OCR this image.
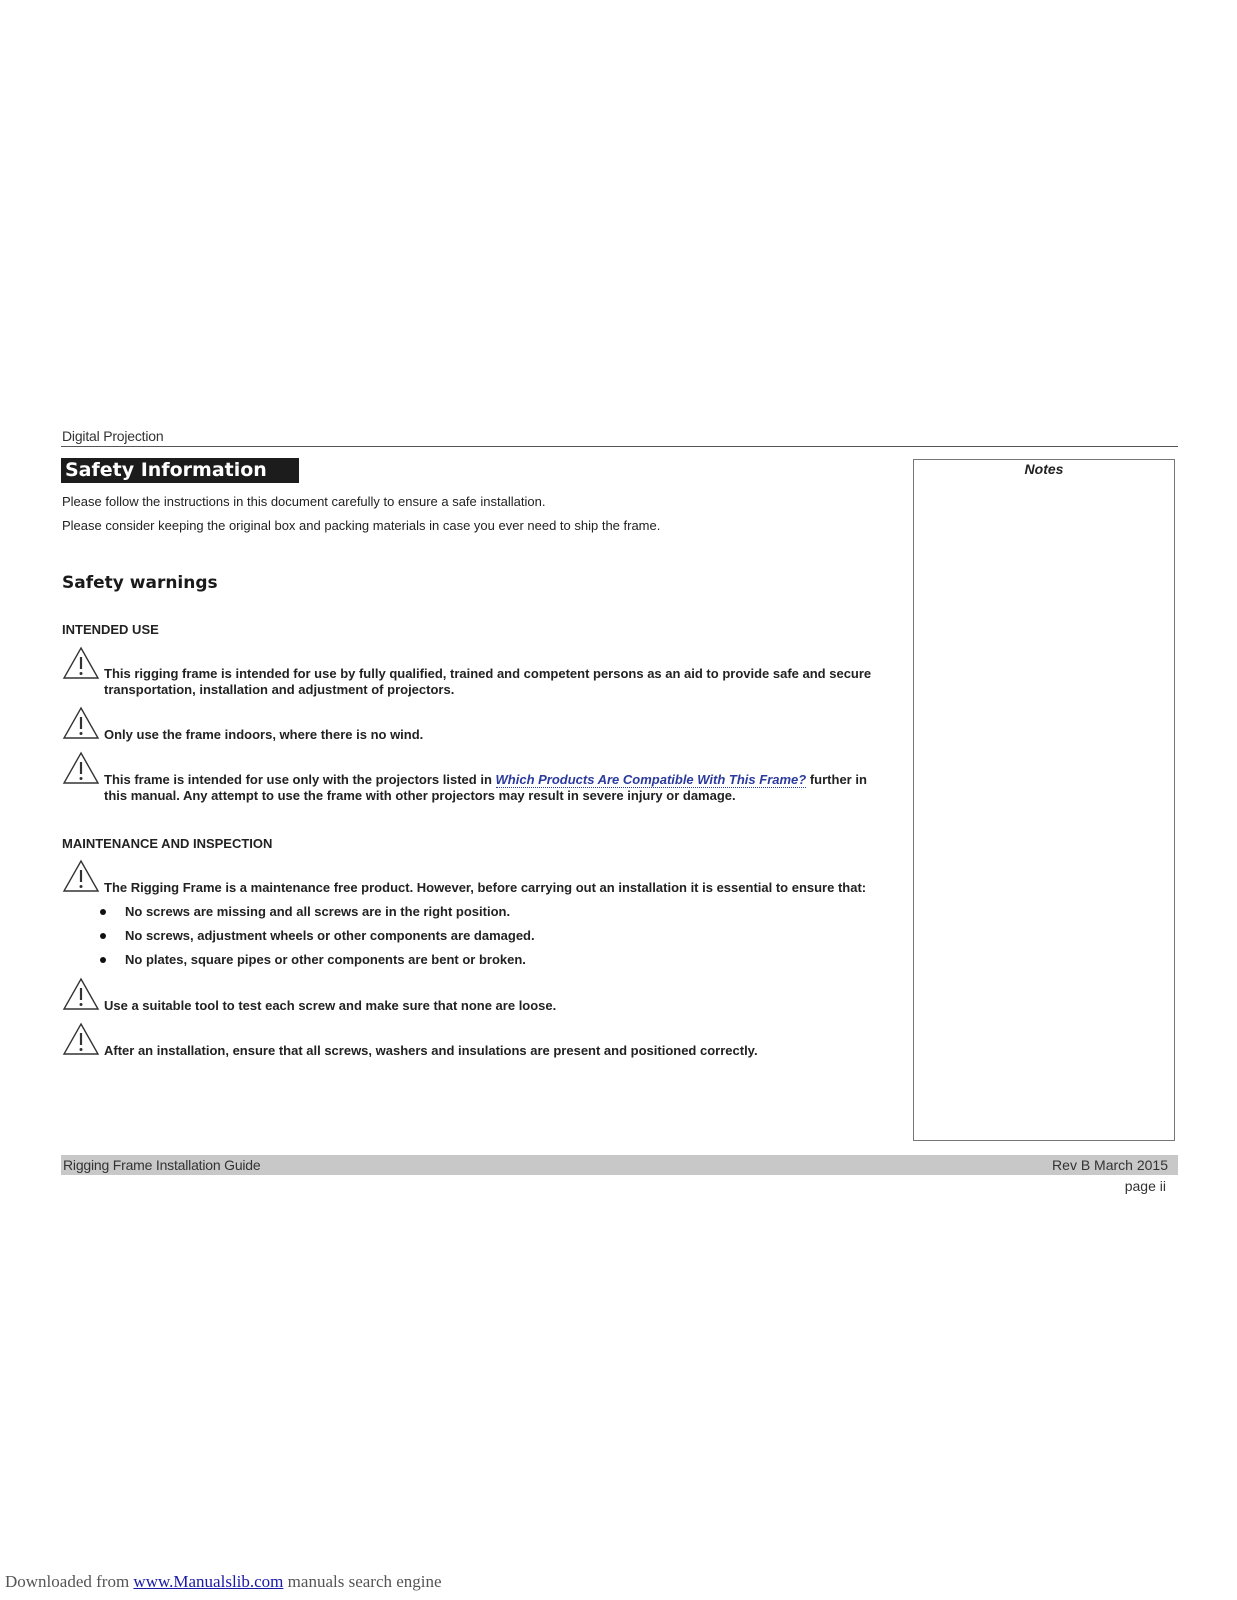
Digital Projection
Safety Information
Please follow the instructions in this document carefully to ensure a safe installation.
Please consider keeping the original box and packing materials in case you ever need to ship the frame.
Safety warnings
INTENDED USE
This rigging frame is intended for use by fully qualified, trained and competent persons as an aid to provide safe and secure
transportation, installation and adjustment of projectors.
Only use the frame indoors, where there is no wind.
This frame is intended for use only with the projectors listed in Which Products Are Compatible With This Frame? further in
this manual. Any attempt to use the frame with other projectors may result in severe injury or damage.
MAINTENANCE AND INSPECTION
The Rigging Frame is a maintenance free product. However, before carrying out an installation it is essential to ensure that:
No screws are missing and all screws are in the right position.
No screws, adjustment wheels or other components are damaged.
No plates, square pipes or other components are bent or broken.
Use a suitable tool to test each screw and make sure that none are loose.
After an installation, ensure that all screws, washers and insulations are present and positioned correctly.
Notes
Rigging Frame Installation Guide	Rev B March 2015
page ii
Downloaded from www.Manualslib.com manuals search engine
